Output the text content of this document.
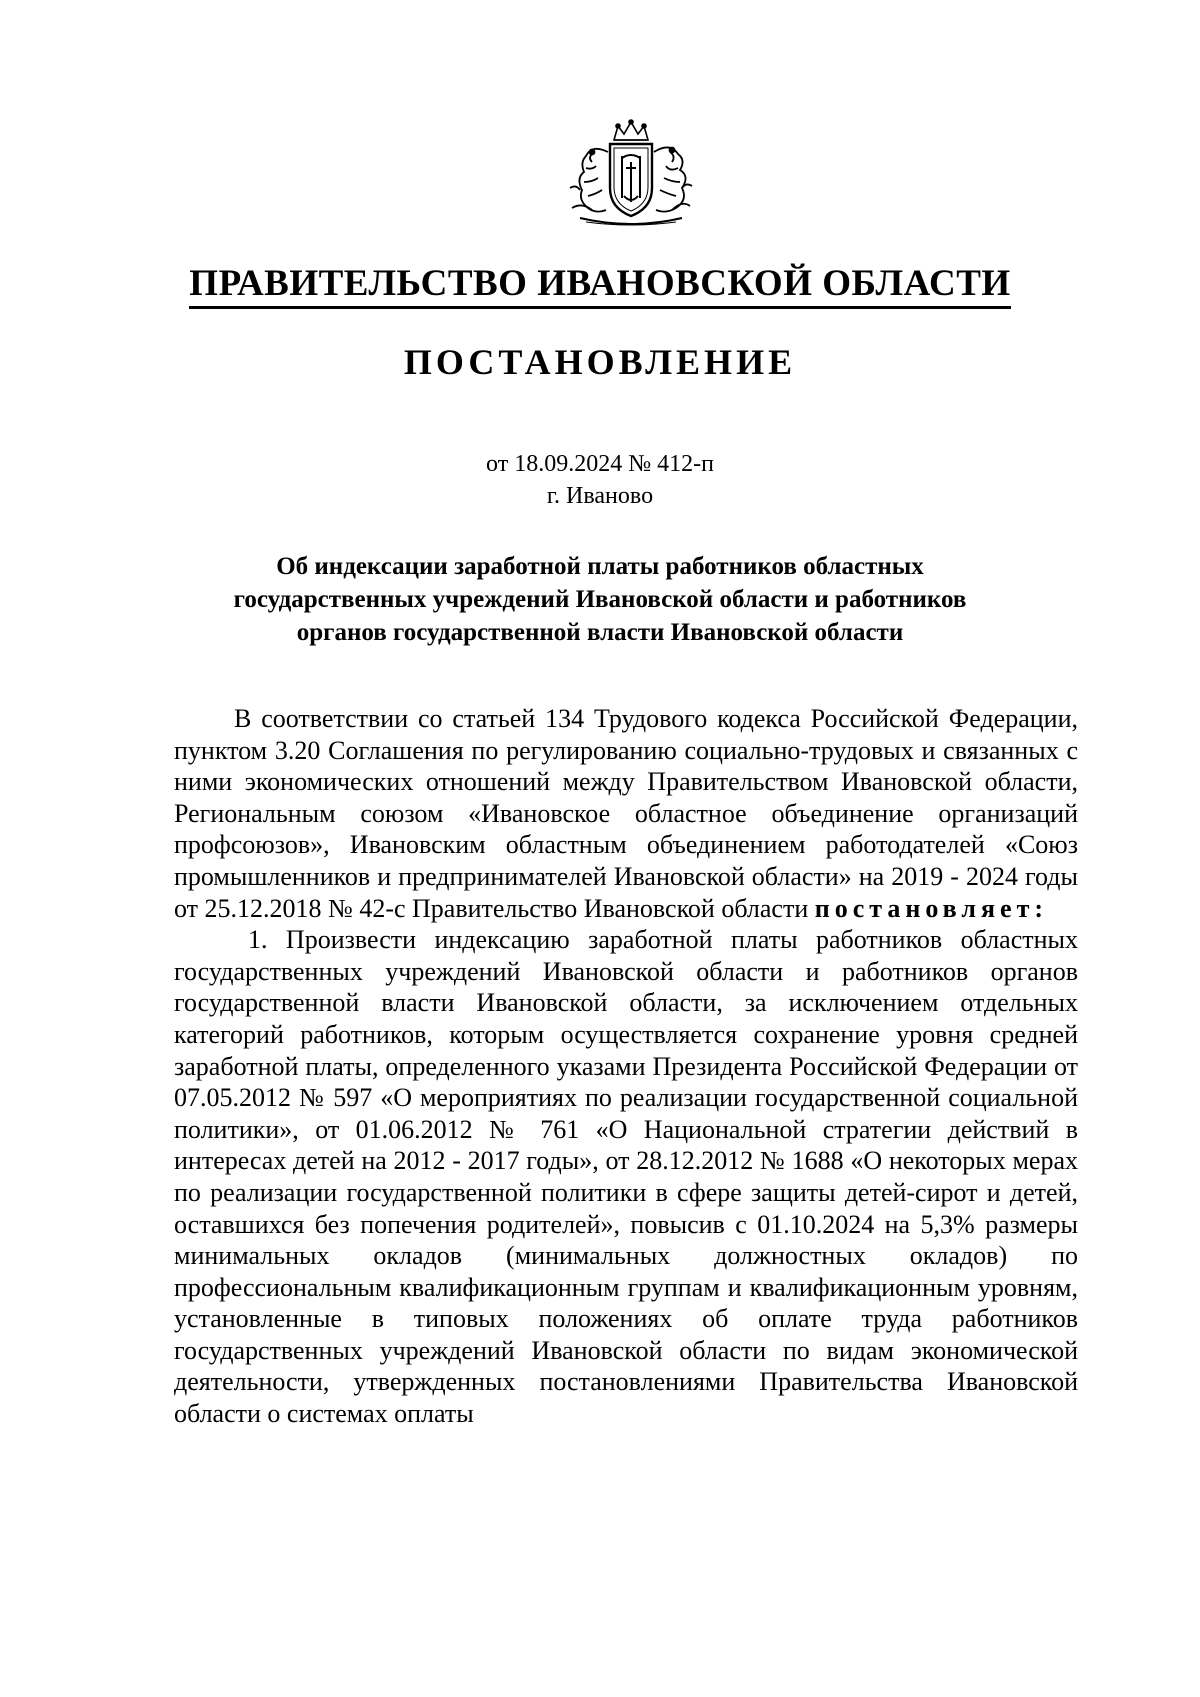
ПРАВИТЕЛЬСТВО ИВАНОВСКОЙ ОБЛАСТИ
ПОСТАНОВЛЕНИЕ
от 18.09.2024 № 412-п
г. Иваново
Об индексации заработной платы работников областных
государственных учреждений Ивановской области и работников
органов государственной власти Ивановской области

В соответствии со статьей 134 Трудового кодекса Российской Федерации, пунктом 3.20 Соглашения по регулированию социально-трудовых и связанных с ними экономических отношений между Правительством Ивановской области, Региональным союзом «Ивановское областное объединение организаций профсоюзов», Ивановским областным объединением работодателей «Союз промышленников и предпринимателей Ивановской области» на 2019 - 2024 годы от 25.12.2018 № 42-с Правительство Ивановской области постановляет:

1. Произвести индексацию заработной платы работников областных государственных учреждений Ивановской области и работников органов государственной власти Ивановской области, за исключением отдельных категорий работников, которым осуществляется сохранение уровня средней заработной платы, определенного указами Президента Российской Федерации от 07.05.2012 № 597 «О мероприятиях по реализации государственной социальной политики», от 01.06.2012 № 761 «О Национальной стратегии действий в интересах детей на 2012 - 2017 годы», от 28.12.2012 № 1688 «О некоторых мерах по реализации государственной политики в сфере защиты детей-сирот и детей, оставшихся без попечения родителей», повысив с 01.10.2024 на 5,3% размеры минимальных окладов (минимальных должностных окладов) по профессиональным квалификационным группам и квалификационным уровням, установленные в типовых положениях об оплате труда работников государственных учреждений Ивановской области по видам экономической деятельности, утвержденных постановлениями Правительства Ивановской области о системах оплаты
